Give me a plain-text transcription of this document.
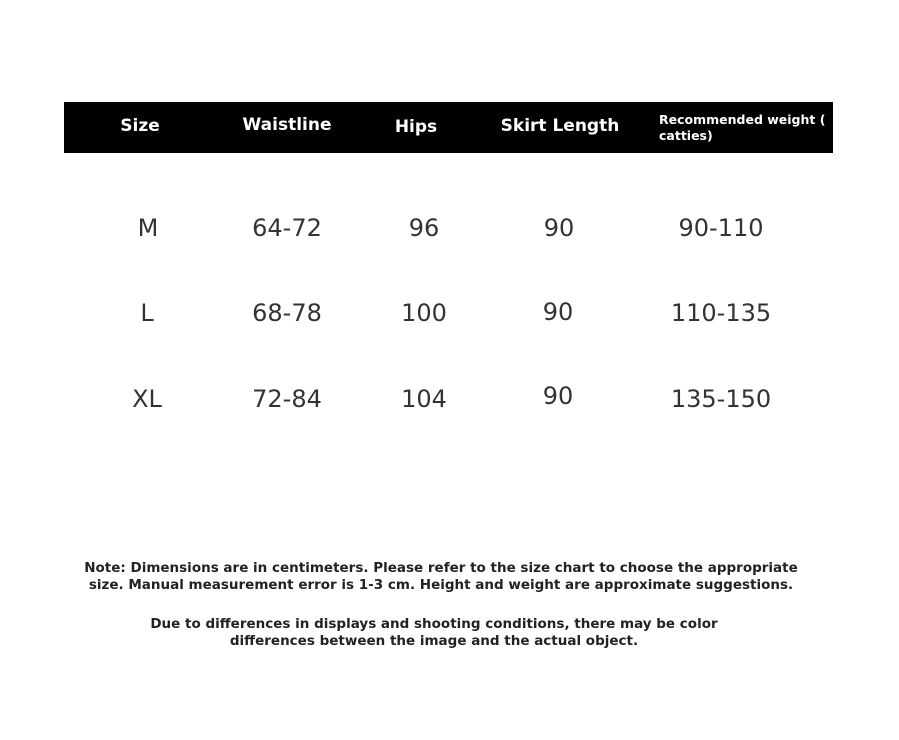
Size	Waistline	Hips	Skirt Length	Recommended weight ( catties)
M	64-72	96	90	90-110
L	68-78	100	90	110-135
XL	72-84	104	90	135-150
Note: Dimensions are in centimeters. Please refer to the size chart to choose the appropriate size. Manual measurement error is 1-3 cm. Height and weight are approximate suggestions.
Due to differences in displays and shooting conditions, there may be color differences between the image and the actual object.
